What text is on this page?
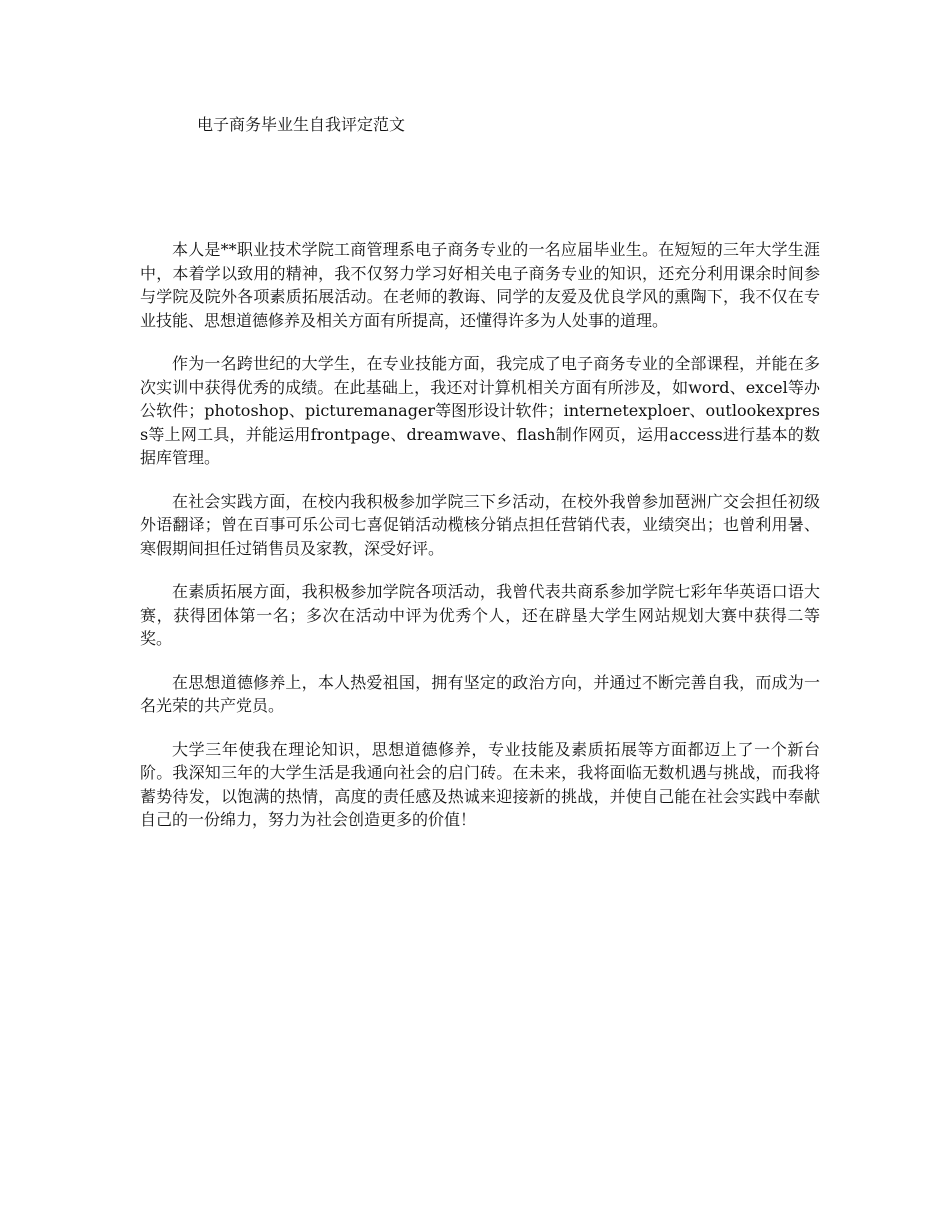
电子商务毕业生自我评定范文

本人是**职业技术学院工商管理系电子商务专业的一名应届毕业生。在短短的三年大学生涯中，本着学以致用的精神，我不仅努力学习好相关电子商务专业的知识，还充分利用课余时间参与学院及院外各项素质拓展活动。在老师的教诲、同学的友爱及优良学风的熏陶下，我不仅在专业技能、思想道德修养及相关方面有所提高，还懂得许多为人处事的道理。

作为一名跨世纪的大学生，在专业技能方面，我完成了电子商务专业的全部课程，并能在多次实训中获得优秀的成绩。在此基础上，我还对计算机相关方面有所涉及，如word、excel等办公软件；photoshop、picturemanager等图形设计软件；internetexploer、outlookexpress等上网工具，并能运用frontpage、dreamwave、flash制作网页，运用access进行基本的数据库管理。

在社会实践方面，在校内我积极参加学院三下乡活动，在校外我曾参加琶洲广交会担任初级外语翻译；曾在百事可乐公司七喜促销活动榄核分销点担任营销代表，业绩突出；也曾利用暑、寒假期间担任过销售员及家教，深受好评。

在素质拓展方面，我积极参加学院各项活动，我曾代表共商系参加学院七彩年华英语口语大赛，获得团体第一名；多次在活动中评为优秀个人，还在辟垦大学生网站规划大赛中获得二等奖。

在思想道德修养上，本人热爱祖国，拥有坚定的政治方向，并通过不断完善自我，而成为一名光荣的共产党员。

大学三年使我在理论知识，思想道德修养，专业技能及素质拓展等方面都迈上了一个新台阶。我深知三年的大学生活是我通向社会的启门砖。在未来，我将面临无数机遇与挑战，而我将蓄势待发，以饱满的热情，高度的责任感及热诚来迎接新的挑战，并使自己能在社会实践中奉献自己的一份绵力，努力为社会创造更多的价值！
